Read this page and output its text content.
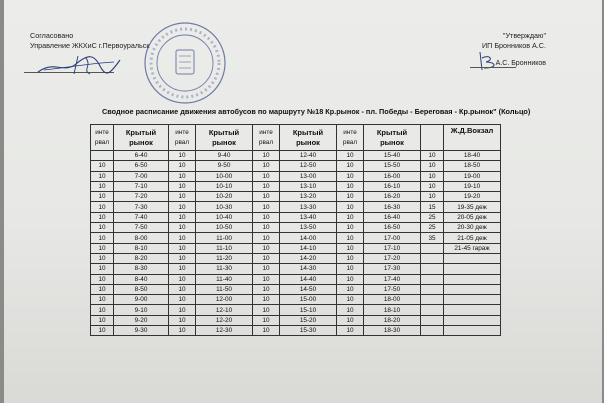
Согласовано
Управление ЖКХиС г.Первоуральск
"Утверждаю"
ИП Бронников А.С.
А.С. Бронников
Сводное расписание движения автобусов по маршруту №18 Кр.рынок - пл. Победы - Береговая - Кр.рынок" (Кольцо)
инте рвал	Крытый рынок	инте рвал	Крытый рынок	инте рвал	Крытый рынок	инте рвал	Крытый рынок		Ж.Д.Вокзал
	6-40	10	9-40	10	12-40	10	15-40	10	18-40
10	6-50	10	9-50	10	12-50	10	15-50	10	18-50
10	7-00	10	10-00	10	13-00	10	16-00	10	19-00
10	7-10	10	10-10	10	13-10	10	16-10	10	19-10
10	7-20	10	10-20	10	13-20	10	16-20	10	19-20
10	7-30	10	10-30	10	13-30	10	16-30	15	19-35 деж
10	7-40	10	10-40	10	13-40	10	16-40	25	20-05 деж
10	7-50	10	10-50	10	13-50	10	16-50	25	20-30 деж
10	8-00	10	11-00	10	14-00	10	17-00	35	21-05 деж
10	8-10	10	11-10	10	14-10	10	17-10		21-45 гараж
10	8-20	10	11-20	10	14-20	10	17-20		
10	8-30	10	11-30	10	14-30	10	17-30		
10	8-40	10	11-40	10	14-40	10	17-40		
10	8-50	10	11-50	10	14-50	10	17-50		
10	9-00	10	12-00	10	15-00	10	18-00		
10	9-10	10	12-10	10	15-10	10	18-10		
10	9-20	10	12-20	10	15-20	10	18-20		
10	9-30	10	12-30	10	15-30	10	18-30		
